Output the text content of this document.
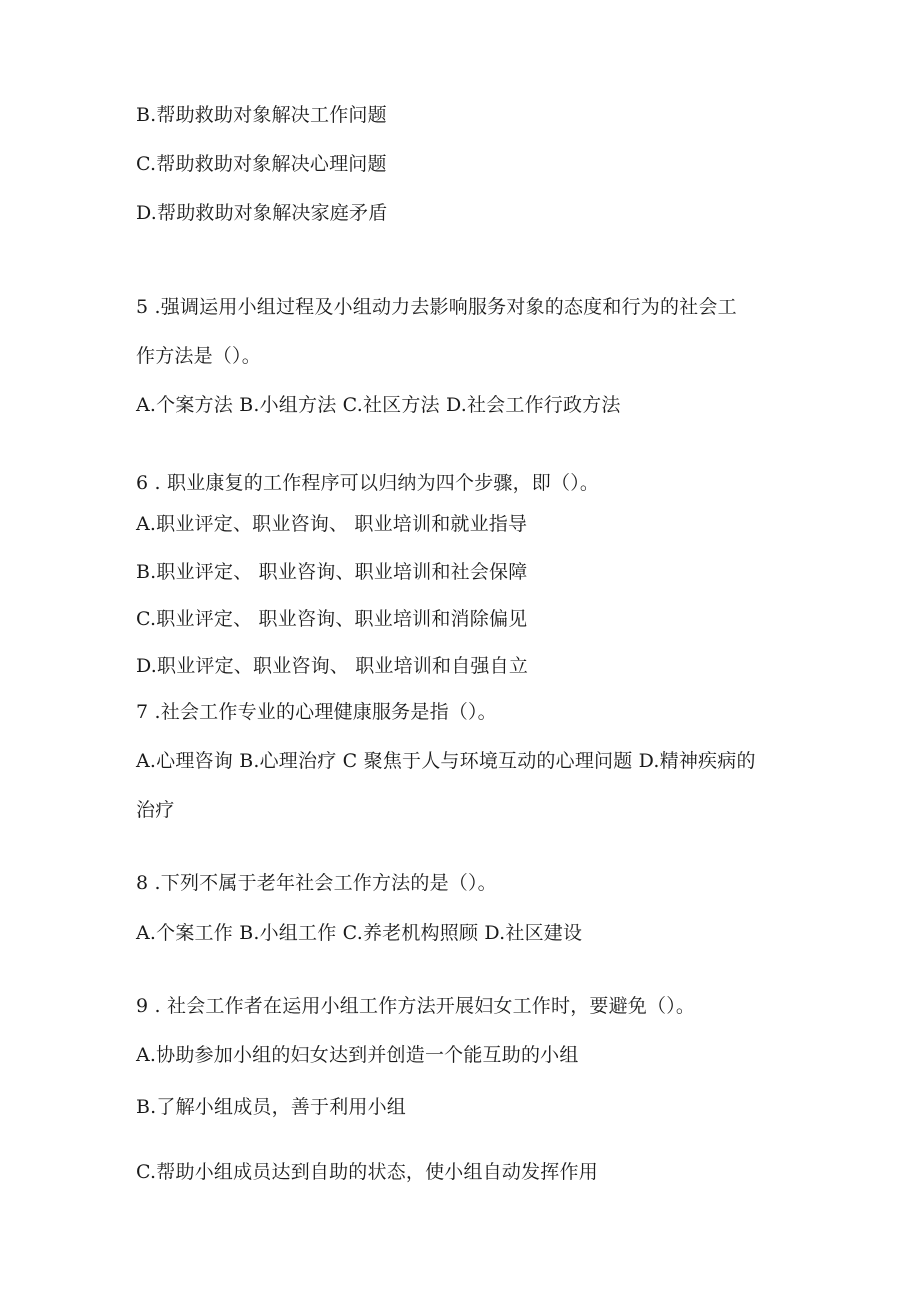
B.帮助救助对象解决工作问题
C.帮助救助对象解决心理问题
D.帮助救助对象解决家庭矛盾
5 .强调运用小组过程及小组动力去影响服务对象的态度和行为的社会工
作方法是（）。
A.个案方法 B.小组方法 C.社区方法 D.社会工作行政方法
6 . 职业康复的工作程序可以归纳为四个步骤，即（）。
A.职业评定、职业咨询、 职业培训和就业指导
B.职业评定、 职业咨询、职业培训和社会保障
C.职业评定、 职业咨询、职业培训和消除偏见
D.职业评定、职业咨询、 职业培训和自强自立
7 .社会工作专业的心理健康服务是指（）。
A.心理咨询 B.心理治疗 C 聚焦于人与环境互动的心理问题 D.精神疾病的
治疗
8 .下列不属于老年社会工作方法的是（）。
A.个案工作 B.小组工作 C.养老机构照顾 D.社区建设
9 . 社会工作者在运用小组工作方法开展妇女工作时，要避免（）。
A.协助参加小组的妇女达到并创造一个能互助的小组
B.了解小组成员，善于利用小组
C.帮助小组成员达到自助的状态，使小组自动发挥作用
